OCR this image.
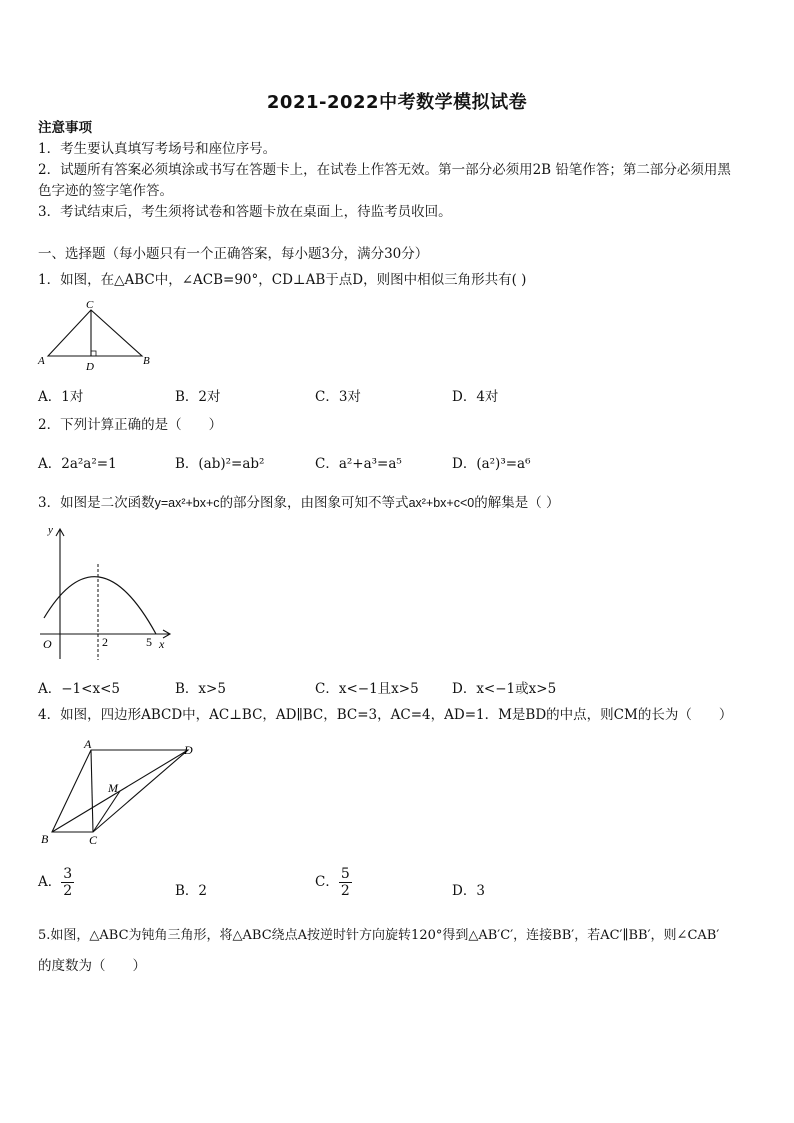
2021-2022中考数学模拟试卷
注意事项
1．考生要认真填写考场号和座位序号。
2．试题所有答案必须填涂或书写在答题卡上，在试卷上作答无效。第一部分必须用2B 铅笔作答；第二部分必须用黑
色字迹的签字笔作答。
3．考试结束后，考生须将试卷和答题卡放在桌面上，待监考员收回。
一、选择题（每小题只有一个正确答案，每小题3分，满分30分）
1．如图，在△ABC中，∠ACB=90°，CD⊥AB于点D，则图中相似三角形共有( )
C
A	D	B
A．1对	B．2对	C．3对	D．4对
2．下列计算正确的是（　　）
A．2a²a²=1	B．(ab)²=ab²	C．a²+a³=a⁵	D．(a²)³=a⁶
3．如图是二次函数y=ax²+bx+c的部分图象，由图象可知不等式ax²+bx+c<0的解集是（ ）
y
O	2	5 x
A．−1<x<5	B．x>5	C．x<−1且x>5 D．x<−1或x>5
4．如图，四边形ABCD中，AC⊥BC，AD∥BC，BC=3，AC=4，AD=1．M是BD的中点，则CM的长为（　　）
A	D
M
B	C
A． $\frac{3}{2}$	B．2
C． $\frac{5}{2}$	D．3
5.如图，△ABC为钝角三角形，将△ABC绕点A按逆时针方向旋转120°得到△AB′C′，连接BB′，若AC′∥BB′，则∠CAB′
的度数为（　　）
